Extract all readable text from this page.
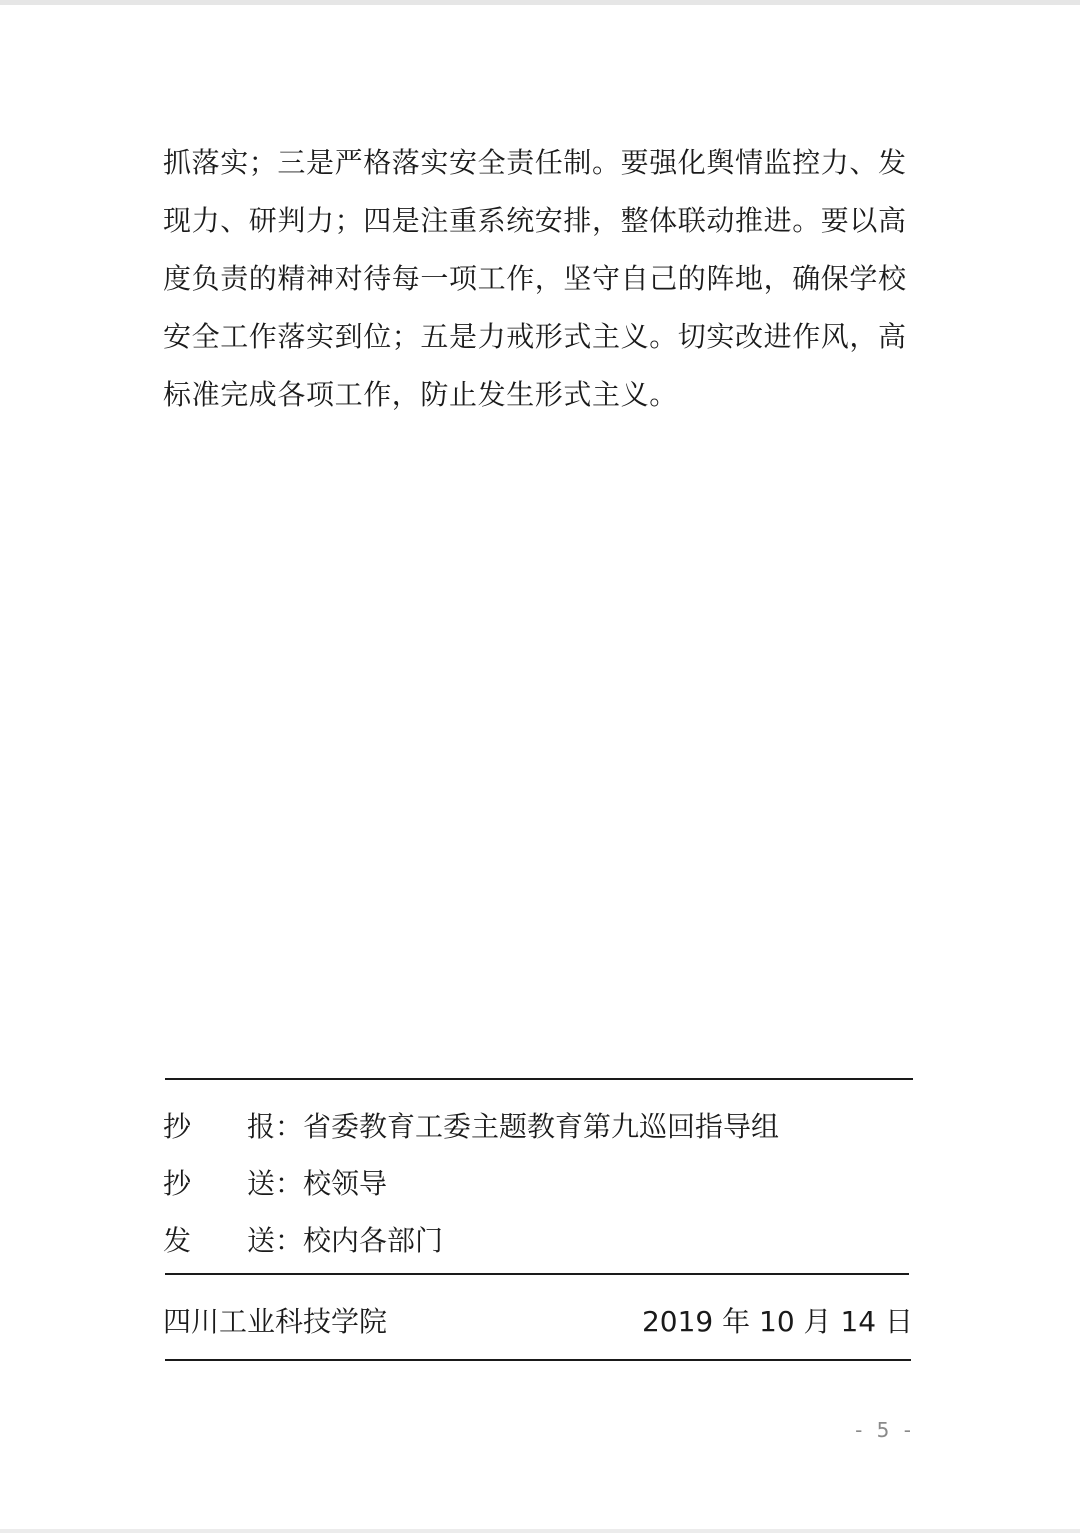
抓落实；三是严格落实安全责任制。要强化舆情监控力、发
现力、研判力；四是注重系统安排，整体联动推进。要以高
度负责的精神对待每一项工作，坚守自己的阵地，确保学校
安全工作落实到位；五是力戒形式主义。切实改进作风，高
标准完成各项工作，防止发生形式主义。
抄 报 ： 省委教育工委主题教育第九巡回指导组
抄 送 ： 校领导
发 送 ： 校内各部门
四川工业科技学院	2019 年 10 月 14 日
- 5 -
